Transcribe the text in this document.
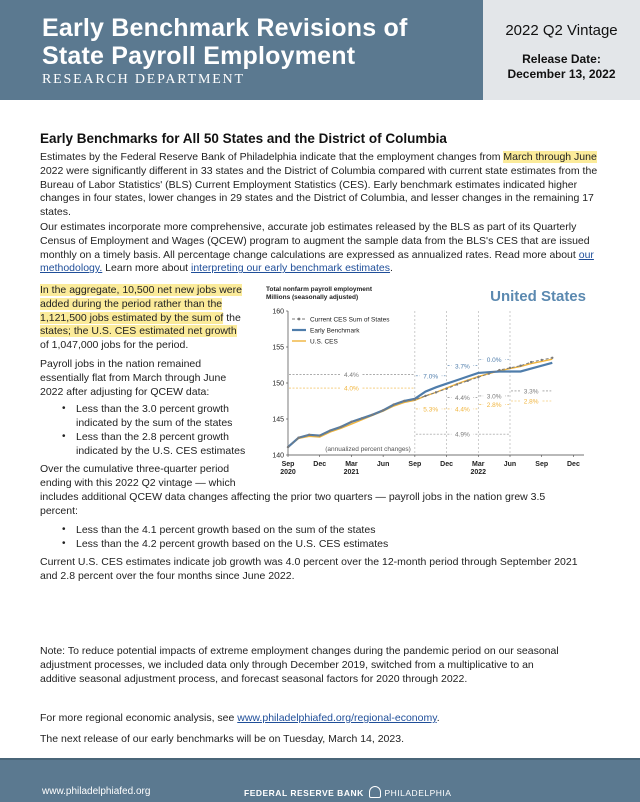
Early Benchmark Revisions of
State Payroll Employment
RESEARCH DEPARTMENT
2022 Q2 Vintage
Release Date:
December 13, 2022
Early Benchmarks for All 50 States and the District of Columbia
Estimates by the Federal Reserve Bank of Philadelphia indicate that the employment changes from March through June 2022 were significantly different in 33 states and the District of Columbia compared with current state estimates from the Bureau of Labor Statistics' (BLS) Current Employment Statistics (CES). Early benchmark estimates indicated higher changes in four states, lower changes in 29 states and the District of Columbia, and lesser changes in the remaining 17 states.
Our estimates incorporate more comprehensive, accurate job estimates released by the BLS as part of its Quarterly Census of Employment and Wages (QCEW) program to augment the sample data from the BLS's CES that are issued monthly on a timely basis. All percentage change calculations are expressed as annualized rates. Read more about our methodology. Learn more about interpreting our early benchmark estimates.
In the aggregate, 10,500 net new jobs were
added during the period rather than the
1,121,500 jobs estimated by the sum of the
states; the U.S. CES estimated net growth
of 1,047,000 jobs for the period.
Payroll jobs in the nation remained
essentially flat from March through June
2022 after adjusting for QCEW data:
• Less than the 3.0 percent growth
indicated by the sum of the states
• Less than the 2.8 percent growth
indicated by the U.S. CES estimates
Over the cumulative three-quarter period
ending with this 2022 Q2 vintage — which
Total nonfarm payroll employment
Millions (seasonally adjusted)	United States
140
145
150
155
160
Sep
2020
Dec	Mar
2021
Jun	Sep	Dec	Mar
2022
Jun	Sep	Dec
4.4%
4.0%
4.9%
7.0%
5.3%
3.7%
4.4%
4.4%
0.0%
3.0%
2.8%
3.3%
2.8%
(annualized percent changes)
Current CES Sum of States
Early Benchmark
U.S. CES
includes additional QCEW data changes affecting the prior two quarters — payroll jobs in the nation grew 3.5
percent:
• Less than the 4.1 percent growth based on the sum of the states
• Less than the 4.2 percent growth based on the U.S. CES estimates
Current U.S. CES estimates indicate job growth was 4.0 percent over the 12-month period through September 2021
and 2.8 percent over the four months since June 2022.
Note: To reduce potential impacts of extreme employment changes during the pandemic period on our seasonal
adjustment processes, we included data only through December 2019, switched from a multiplicative to an
additive seasonal adjustment process, and forecast seasonal factors for 2020 through 2022.
For more regional economic analysis, see www.philadelphiafed.org/regional-economy.
The next release of our early benchmarks will be on Tuesday, March 14, 2023.
www.philadelphiafed.org	FEDERAL RESERVE BANK PHILADELPHIA
